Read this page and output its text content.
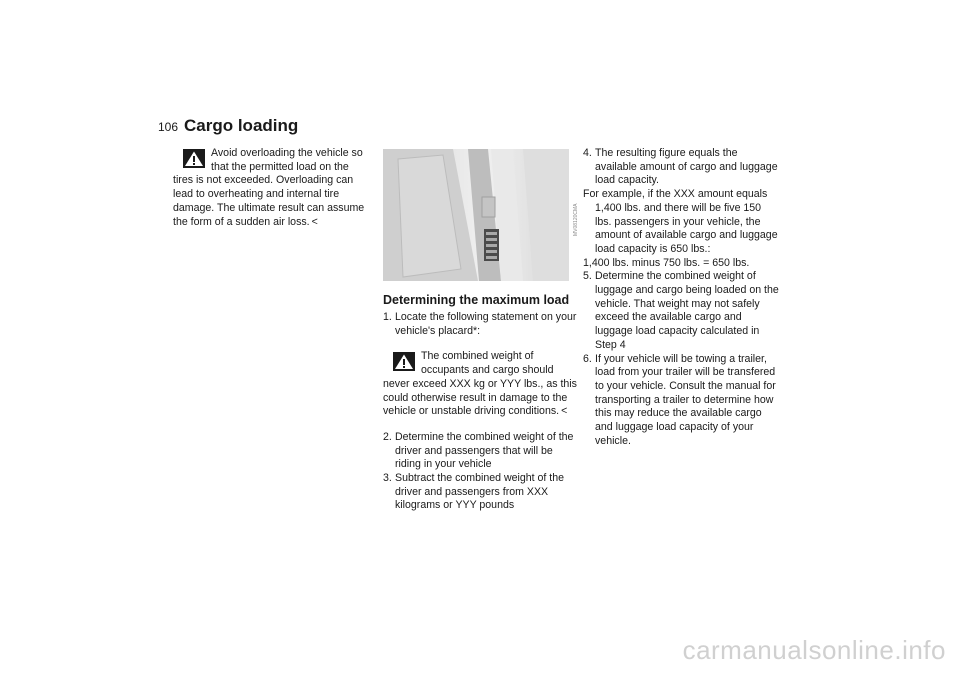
106 Cargo loading

Avoid overloading the vehicle so that the permitted load on the tires is not exceeded. Overloading can lead to overheating and internal tire damage. The ultimate result can assume the form of a sudden air loss. <	MV08120CMA
Determining the maximum load
1. Locate the following statement on your vehicle's placard*:

The combined weight of occupants and cargo should never exceed XXX kg or YYY lbs., as this could otherwise result in damage to the vehicle or unstable driving conditions. <

2. Determine the combined weight of the driver and passengers that will be riding in your vehicle
3. Subtract the combined weight of the driver and passengers from XXX kilograms or YYY pounds
4. The resulting figure equals the available amount of cargo and luggage load capacity.
For example, if the XXX amount equals 1,400 lbs. and there will be five 150 lbs. passengers in your vehicle, the amount of available cargo and luggage load capacity is 650 lbs.:
1,400 lbs. minus 750 lbs. = 650 lbs.
5. Determine the combined weight of luggage and cargo being loaded on the vehicle. That weight may not safely exceed the available cargo and luggage load capacity calculated in Step 4
6. If your vehicle will be towing a trailer, load from your trailer will be transfered to your vehicle. Consult the manual for transporting a trailer to determine how this may reduce the available cargo and luggage load capacity of your vehicle.
carmanualsonline.info
